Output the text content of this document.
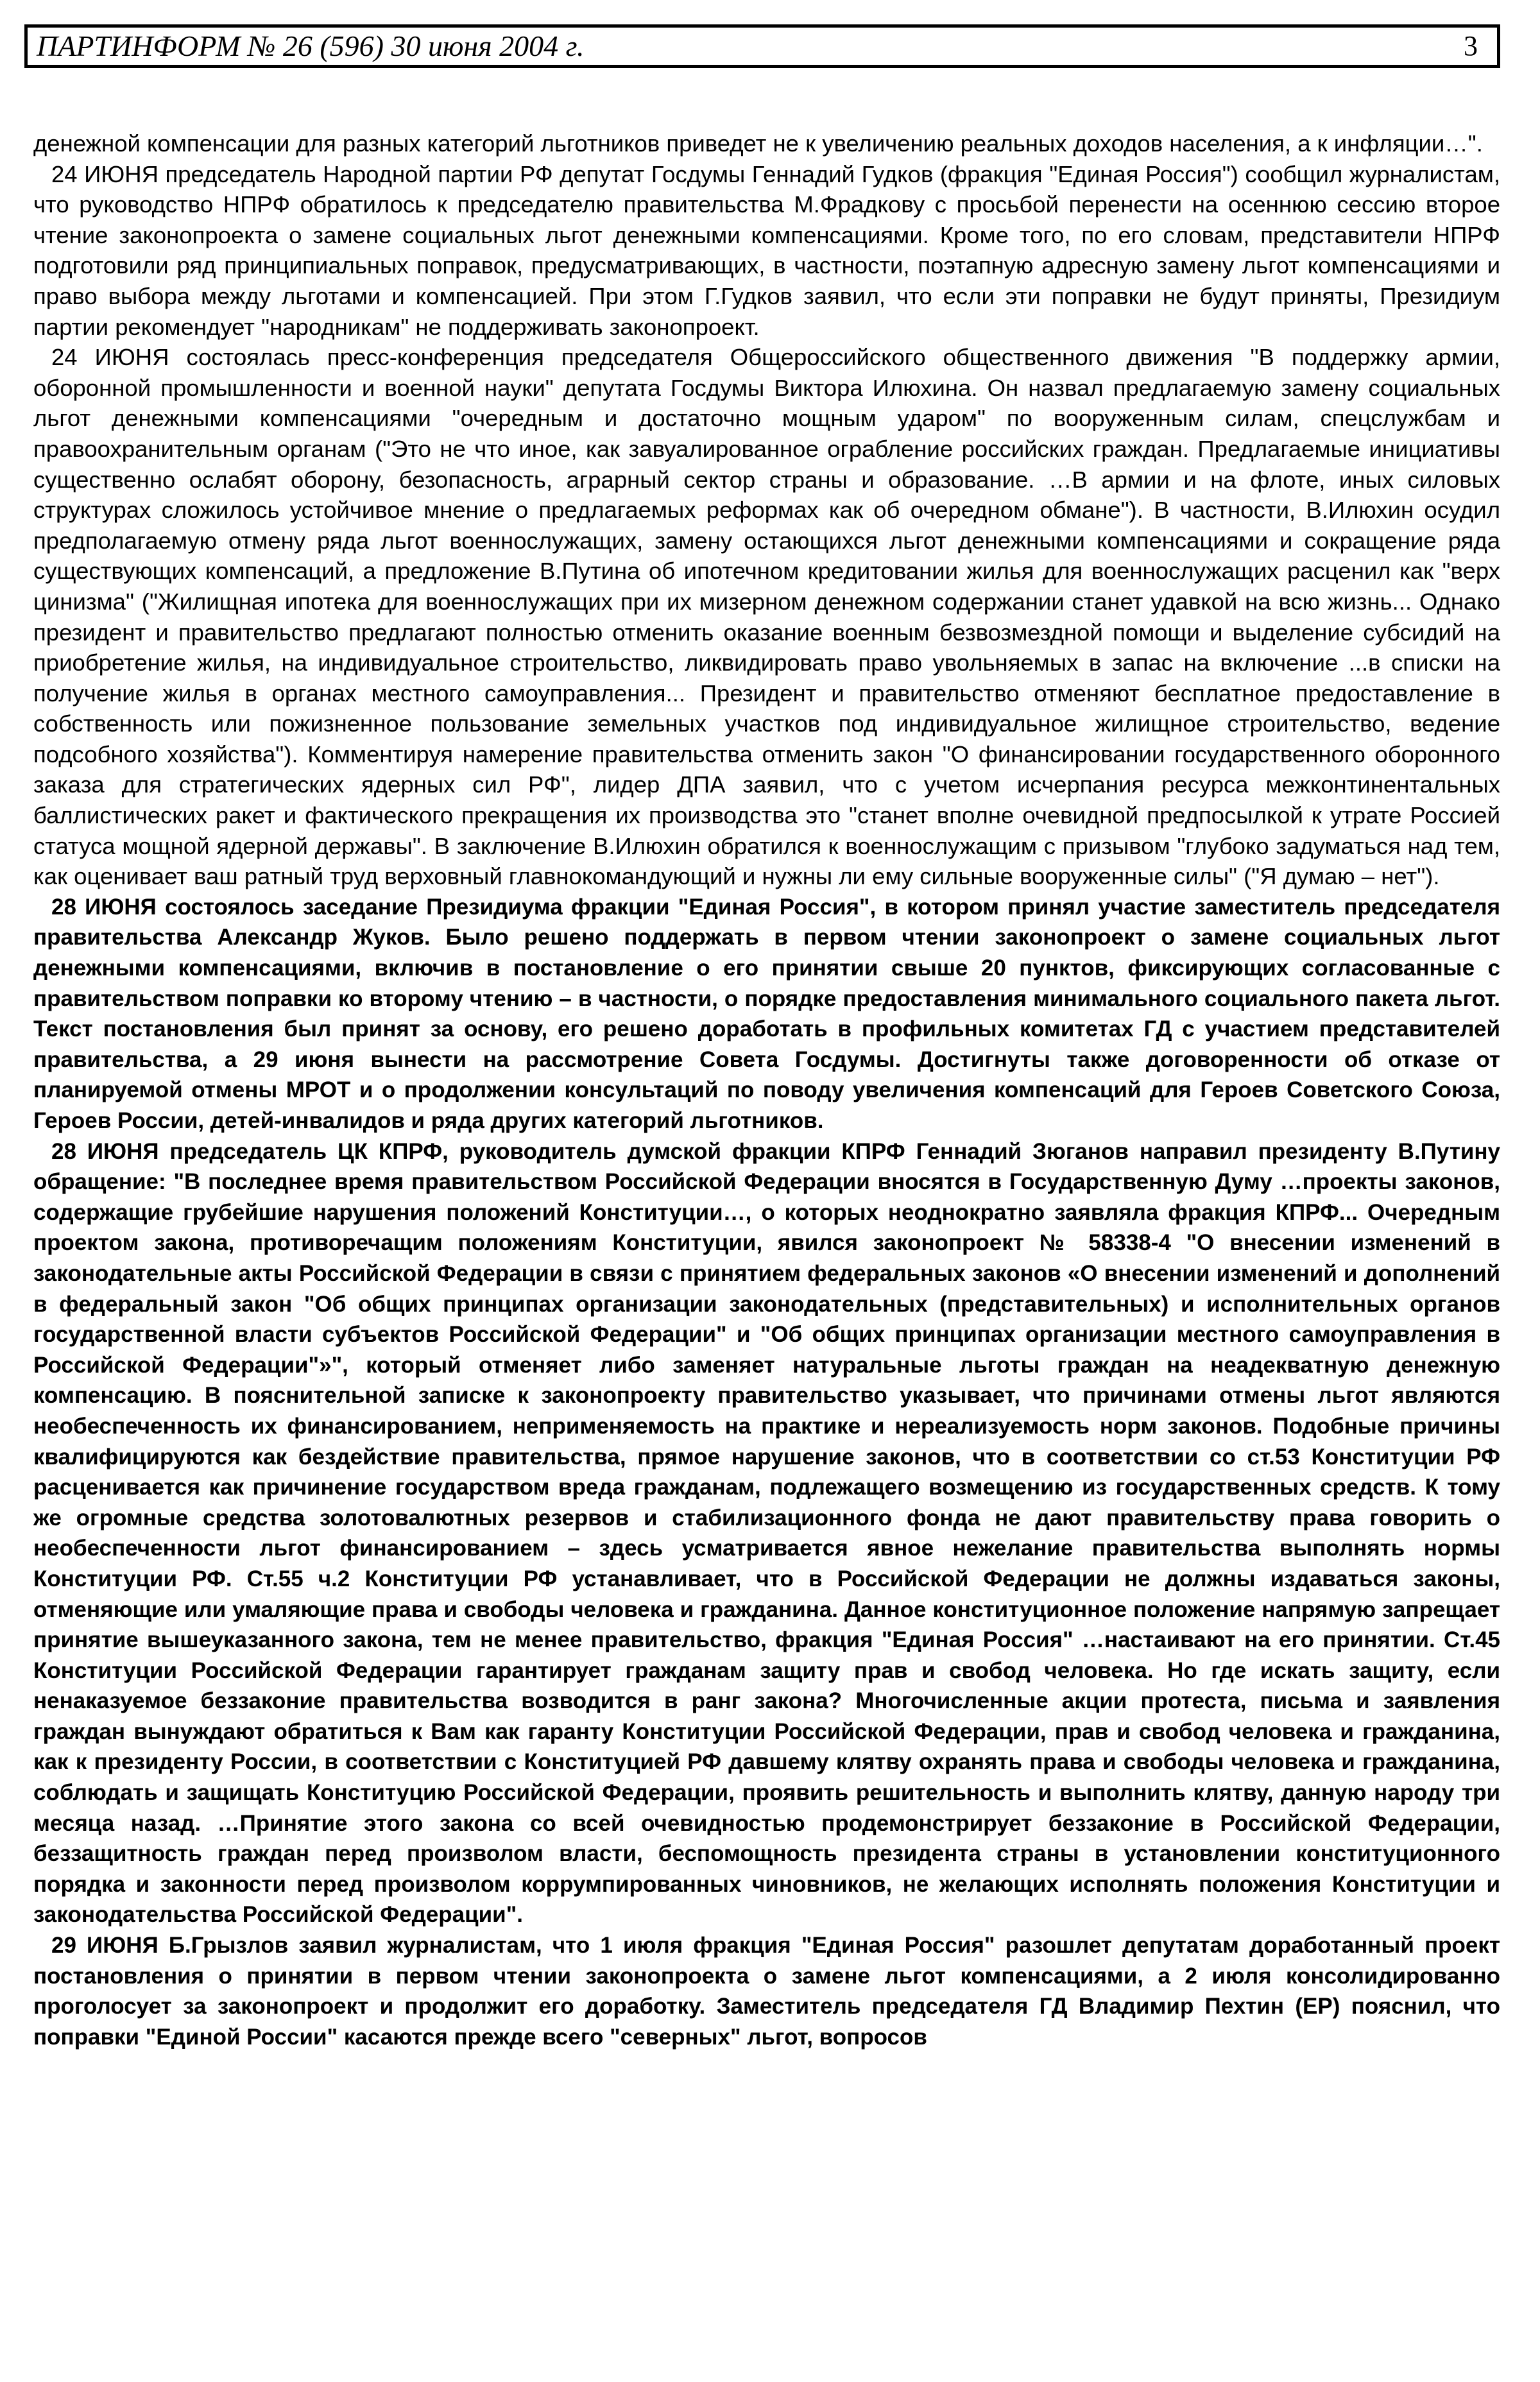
ПАРТИНФОРМ № 26 (596) 30 июня 2004 г.	3

денежной компенсации для разных категорий льготников приведет не к увеличению реальных доходов населения, а к инфляции…".

24 ИЮНЯ председатель Народной партии РФ депутат Госдумы Геннадий Гудков (фракция "Единая Россия") сообщил журналистам, что руководство НПРФ обратилось к председателю правительства М.Фрадкову с просьбой перенести на осеннюю сессию второе чтение законопроекта о замене социальных льгот денежными компенсациями. Кроме того, по его словам, представители НПРФ подготовили ряд принципиальных поправок, предусматривающих, в частности, поэтапную адресную замену льгот компенсациями и право выбора между льготами и компенсацией. При этом Г.Гудков заявил, что если эти поправки не будут приняты, Президиум партии рекомендует "народникам" не поддерживать законопроект.

24 ИЮНЯ состоялась пресс-конференция председателя Общероссийского общественного движения "В поддержку армии, оборонной промышленности и военной науки" депутата Госдумы Виктора Илюхина. Он назвал предлагаемую замену социальных льгот денежными компенсациями "очередным и достаточно мощным ударом" по вооруженным силам, спецслужбам и правоохранительным органам ("Это не что иное, как завуалированное ограбление российских граждан. Предлагаемые инициативы существенно ослабят оборону, безопасность, аграрный сектор страны и образование. …В армии и на флоте, иных силовых структурах сложилось устойчивое мнение о предлагаемых реформах как об очередном обмане"). В частности, В.Илюхин осудил предполагаемую отмену ряда льгот военнослужащих, замену остающихся льгот денежными компенсациями и сокращение ряда существующих компенсаций, а предложение В.Путина об ипотечном кредитовании жилья для военнослужащих расценил как "верх цинизма" ("Жилищная ипотека для военнослужащих при их мизерном денежном содержании станет удавкой на всю жизнь... Однако президент и правительство предлагают полностью отменить оказание военным безвозмездной помощи и выделение субсидий на приобретение жилья, на индивидуальное строительство, ликвидировать право увольняемых в запас на включение ...в списки на получение жилья в органах местного самоуправления... Президент и правительство отменяют бесплатное предоставление в собственность или пожизненное пользование земельных участков под индивидуальное жилищное строительство, ведение подсобного хозяйства"). Комментируя намерение правительства отменить закон "О финансировании государственного оборонного заказа для стратегических ядерных сил РФ", лидер ДПА заявил, что с учетом исчерпания ресурса межконтинентальных баллистических ракет и фактического прекращения их производства это "станет вполне очевидной предпосылкой к утрате Россией статуса мощной ядерной державы". В заключение В.Илюхин обратился к военнослужащим с призывом "глубоко задуматься над тем, как оценивает ваш ратный труд верховный главнокомандующий и нужны ли ему сильные вооруженные силы" ("Я думаю – нет").

28 ИЮНЯ состоялось заседание Президиума фракции "Единая Россия", в котором принял участие заместитель председателя правительства Александр Жуков. Было решено поддержать в первом чтении законопроект о замене социальных льгот денежными компенсациями, включив в постановление о его принятии свыше 20 пунктов, фиксирующих согласованные с правительством поправки ко второму чтению – в частности, о порядке предоставления минимального социального пакета льгот. Текст постановления был принят за основу, его решено доработать в профильных комитетах ГД с участием представителей правительства, а 29 июня вынести на рассмотрение Совета Госдумы. Достигнуты также договоренности об отказе от планируемой отмены МРОТ и о продолжении консультаций по поводу увеличения компенсаций для Героев Советского Союза, Героев России, детей-инвалидов и ряда других категорий льготников.

28 ИЮНЯ председатель ЦК КПРФ, руководитель думской фракции КПРФ Геннадий Зюганов направил президенту В.Путину обращение: "В последнее время правительством Российской Федерации вносятся в Государственную Думу …проекты законов, содержащие грубейшие нарушения положений Конституции…, о которых неоднократно заявляла фракция КПРФ... Очередным проектом закона, противоречащим положениям Конституции, явился законопроект № 58338-4 "О внесении изменений в законодательные акты Российской Федерации в связи с принятием федеральных законов «О внесении изменений и дополнений в федеральный закон "Об общих принципах организации законодательных (представительных) и исполнительных органов государственной власти субъектов Российской Федерации" и "Об общих принципах организации местного самоуправления в Российской Федерации"»", который отменяет либо заменяет натуральные льготы граждан на неадекватную денежную компенсацию. В пояснительной записке к законопроекту правительство указывает, что причинами отмены льгот являются необеспеченность их финансированием, неприменяемость на практике и нереализуемость норм законов. Подобные причины квалифицируются как бездействие правительства, прямое нарушение законов, что в соответствии со ст.53 Конституции РФ расценивается как причинение государством вреда гражданам, подлежащего возмещению из государственных средств. К тому же огромные средства золотовалютных резервов и стабилизационного фонда не дают правительству права говорить о необеспеченности льгот финансированием – здесь усматривается явное нежелание правительства выполнять нормы Конституции РФ. Ст.55 ч.2 Конституции РФ устанавливает, что в Российской Федерации не должны издаваться законы, отменяющие или умаляющие права и свободы человека и гражданина. Данное конституционное положение напрямую запрещает принятие вышеуказанного закона, тем не менее правительство, фракция "Единая Россия" …настаивают на его принятии. Ст.45 Конституции Российской Федерации гарантирует гражданам защиту прав и свобод человека. Но где искать защиту, если ненаказуемое беззаконие правительства возводится в ранг закона? Многочисленные акции протеста, письма и заявления граждан вынуждают обратиться к Вам как гаранту Конституции Российской Федерации, прав и свобод человека и гражданина, как к президенту России, в соответствии с Конституцией РФ давшему клятву охранять права и свободы человека и гражданина, соблюдать и защищать Конституцию Российской Федерации, проявить решительность и выполнить клятву, данную народу три месяца назад. …Принятие этого закона со всей очевидностью продемонстрирует беззаконие в Российской Федерации, беззащитность граждан перед произволом власти, беспомощность президента страны в установлении конституционного порядка и законности перед произволом коррумпированных чиновников, не желающих исполнять положения Конституции и законодательства Российской Федерации".

29 ИЮНЯ Б.Грызлов заявил журналистам, что 1 июля фракция "Единая Россия" разошлет депутатам доработанный проект постановления о принятии в первом чтении законопроекта о замене льгот компенсациями, а 2 июля консолидированно проголосует за законопроект и продолжит его доработку. Заместитель председателя ГД Владимир Пехтин (ЕР) пояснил, что поправки "Единой России" касаются прежде всего "северных" льгот, вопросов
